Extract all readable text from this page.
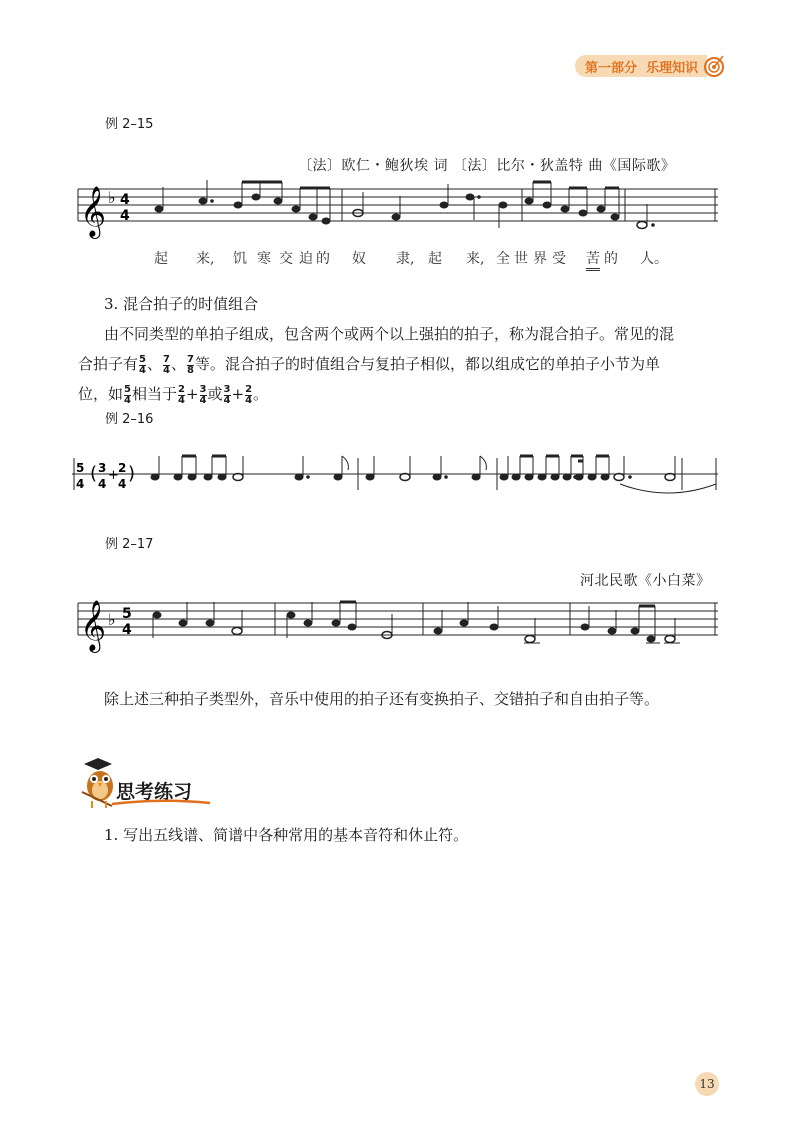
第一部分 乐理知识
例 2–15
〔法〕欧仁・鲍狄埃 词 〔法〕比尔・狄盖特 曲《国际歌》
𝄞 ♭ 4
4
起 来, 饥 寒 交 迫 的 奴 隶, 起 来, 全 世 界 受 苦 的 人。
3. 混合拍子的时值组合
由不同类型的单拍子组成，包含两个或两个以上强拍的拍子，称为混合拍子。常见的混
合拍子有 $\frac{5}{4}$ 、 $\frac{7}{4}$ 、 $\frac{7}{8}$ 等。混合拍子的时值组合与复拍子相似，都以组成它的单拍子小节为单
位，如 $\frac{5}{4}$ 相当于 $\frac{2}{4} + \frac{3}{4}$ 或 $\frac{3}{4} + \frac{2}{4}$ 。
例 2–16
5
4 ( 3
4
+ 2
4 )
例 2–17
河北民歌《小白菜》
𝄞 ♭ 5
4
除上述三种拍子类型外，音乐中使用的拍子还有变换拍子、交错拍子和自由拍子等。
思考练习
1. 写出五线谱、简谱中各种常用的基本音符和休止符。
13
